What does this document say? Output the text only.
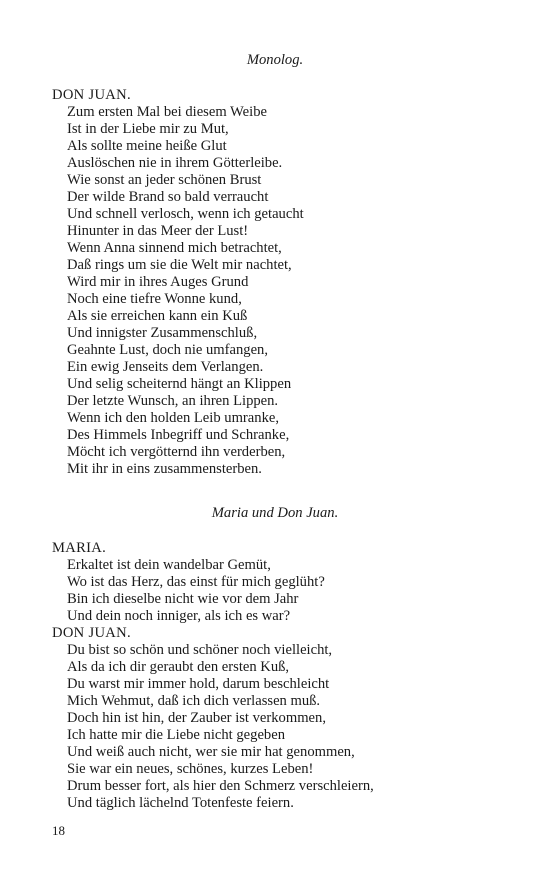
Monolog.
DON JUAN.
Zum ersten Mal bei diesem Weibe
Ist in der Liebe mir zu Mut,
Als sollte meine heiße Glut
Auslöschen nie in ihrem Götterleibe.
Wie sonst an jeder schönen Brust
Der wilde Brand so bald verraucht
Und schnell verlosch, wenn ich getaucht
Hinunter in das Meer der Lust!
Wenn Anna sinnend mich betrachtet,
Daß rings um sie die Welt mir nachtet,
Wird mir in ihres Auges Grund
Noch eine tiefre Wonne kund,
Als sie erreichen kann ein Kuß
Und innigster Zusammenschluß,
Geahnte Lust, doch nie umfangen,
Ein ewig Jenseits dem Verlangen.
Und selig scheiternd hängt an Klippen
Der letzte Wunsch, an ihren Lippen.
Wenn ich den holden Leib umranke,
Des Himmels Inbegriff und Schranke,
Möcht ich vergötternd ihn verderben,
Mit ihr in eins zusammensterben.
Maria und Don Juan.
MARIA.
Erkaltet ist dein wandelbar Gemüt,
Wo ist das Herz, das einst für mich geglüht?
Bin ich dieselbe nicht wie vor dem Jahr
Und dein noch inniger, als ich es war?
DON JUAN.
Du bist so schön und schöner noch vielleicht,
Als da ich dir geraubt den ersten Kuß,
Du warst mir immer hold, darum beschleicht
Mich Wehmut, daß ich dich verlassen muß.
Doch hin ist hin, der Zauber ist verkommen,
Ich hatte mir die Liebe nicht gegeben
Und weiß auch nicht, wer sie mir hat genommen,
Sie war ein neues, schönes, kurzes Leben!
Drum besser fort, als hier den Schmerz verschleiern,
Und täglich lächelnd Totenfeste feiern.
18
